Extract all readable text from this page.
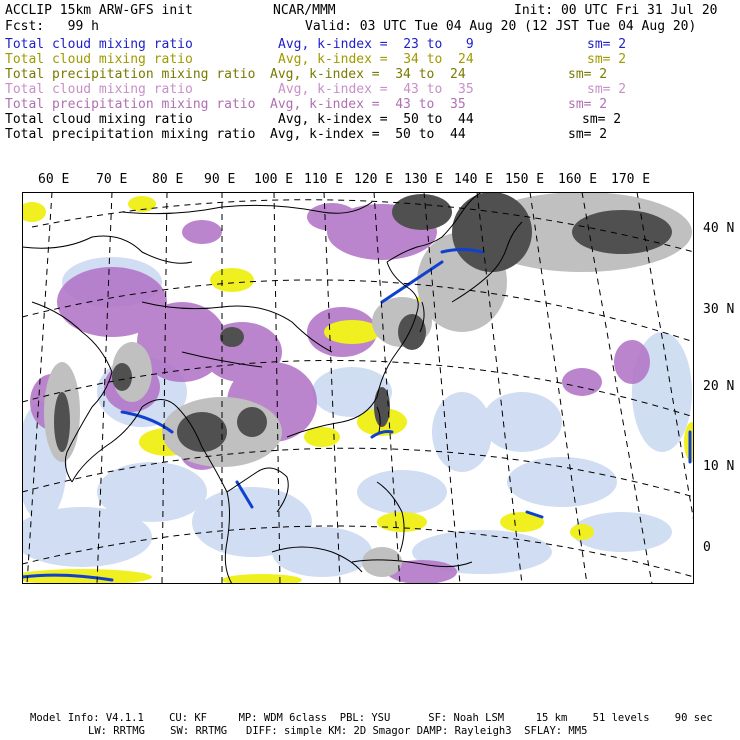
ACCLIP 15km ARW-GFS init	NCAR/MMM	Init: 00 UTC Fri 31 Jul 20
Fcst:   99 h	Valid: 03 UTC Tue 04 Aug 20 (12 JST Tue 04 Aug 20)
Total cloud mixing ratio	Avg, k-index =  23 to   9	sm= 2
Total cloud mixing ratio	Avg, k-index =  34 to  24	sm= 2
Total precipitation mixing ratio Avg, k-index =  34 to  24	sm= 2
Total cloud mixing ratio	Avg, k-index =  43 to  35	sm= 2
Total precipitation mixing ratio Avg, k-index =  43 to  35	sm= 2
Total cloud mixing ratio	Avg, k-index =  50 to  44	sm= 2
Total precipitation mixing ratio Avg, k-index =  50 to  44	sm= 2
60 E 70 E 80 E 90 E 100 E 110 E 120 E 130 E 140 E 150 E 160 E 170 E
40 N
30 N
20 N
10 N
0
Model Info: V4.1.1    CU: KF     MP: WDM 6class  PBL: YSU      SF: Noah LSM     15 km    51 levels    90 sec
LW: RRTMG    SW: RRTMG   DIFF: simple KM: 2D Smagor DAMP: Rayleigh3  SFLAY: MM5
